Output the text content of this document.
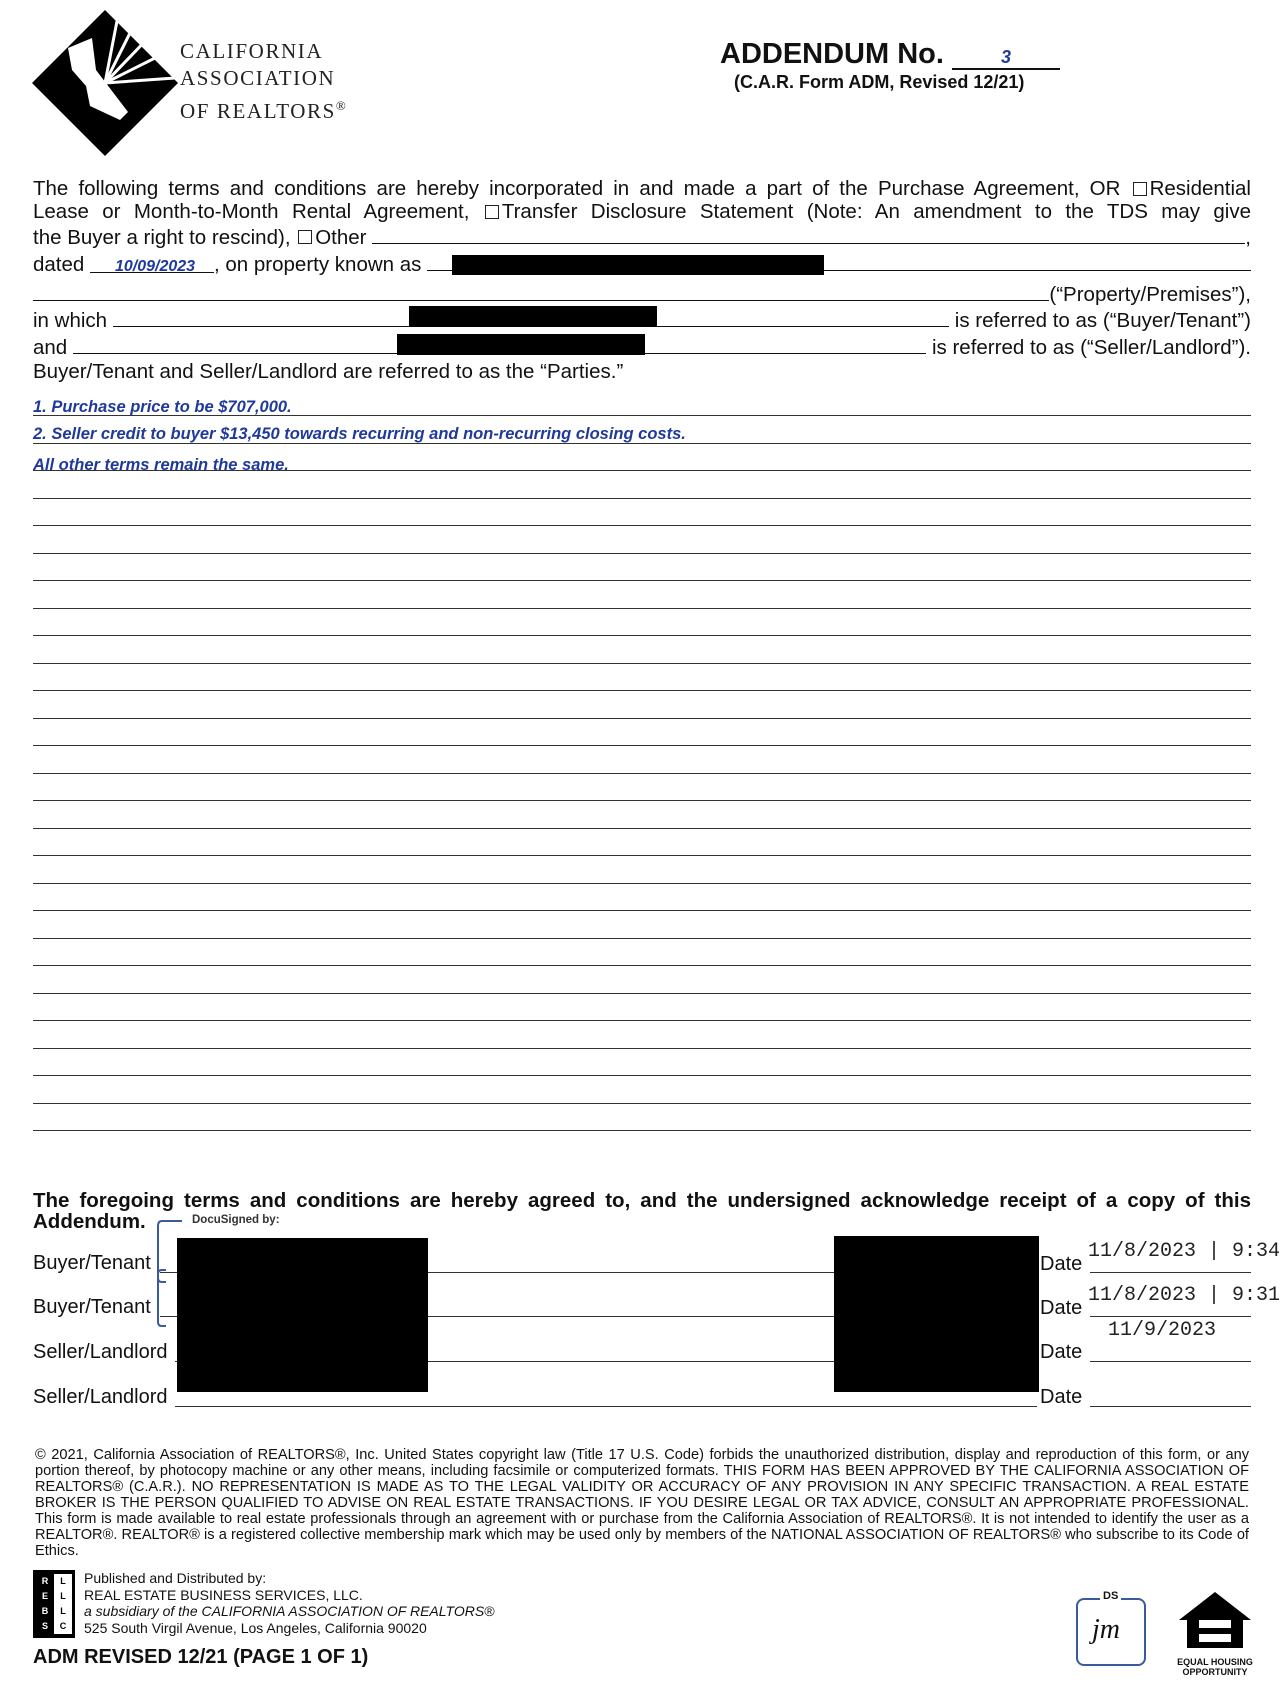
CALIFORNIA
ASSOCIATION
OF REALTORS®
ADDENDUM No.	3
(C.A.R. Form ADM, Revised 12/21)
The following terms and conditions are hereby incorporated in and made a part of the Purchase Agreement, OR Residential
Lease or Month-to-Month Rental Agreement, Transfer Disclosure Statement (Note: An amendment to the TDS may give
the Buyer a right to rescind),
Other
	,
dated
	10/09/2023 , on property known as

(“Property/Premises”),
in which

	is referred to as (“Buyer/Tenant”)
and

	is referred to as (“Seller/Landlord”).
Buyer/Tenant and Seller/Landlord are referred to as the “Parties.”
1. Purchase price to be $707,000.
2. Seller credit to buyer $13,450 towards recurring and non-recurring closing costs.
All other terms remain the same.
The foregoing terms and conditions are hereby agreed to, and the undersigned acknowledge receipt of a copy of this Addendum.	DocuSigned by:
Buyer/Tenant	Date
11/8/2023 | 9:34
Buyer/Tenant	Date
11/8/2023 | 9:31
Seller/Landlord	Date
11/9/2023
Seller/Landlord	Date
© 2021, California Association of REALTORS®, Inc. United States copyright law (Title 17 U.S. Code) forbids the unauthorized distribution, display and reproduction of this form, or any portion thereof, by photocopy machine or any other means, including facsimile or computerized formats. THIS FORM HAS BEEN APPROVED BY THE CALIFORNIA ASSOCIATION OF REALTORS® (C.A.R.). NO REPRESENTATION IS MADE AS TO THE LEGAL VALIDITY OR ACCURACY OF ANY PROVISION IN ANY SPECIFIC TRANSACTION. A REAL ESTATE BROKER IS THE PERSON QUALIFIED TO ADVISE ON REAL ESTATE TRANSACTIONS. IF YOU DESIRE LEGAL OR TAX ADVICE, CONSULT AN APPROPRIATE PROFESSIONAL. This form is made available to real estate professionals through an agreement with or purchase from the California Association of REALTORS®. It is not intended to identify the user as a REALTOR®. REALTOR® is a registered collective membership mark which may be used only by members of the NATIONAL ASSOCIATION OF REALTORS® who subscribe to its Code of Ethics.
R	L
E	L
B	L
S	C
Published and Distributed by:
REAL ESTATE BUSINESS SERVICES, LLC.
a subsidiary of the CALIFORNIA ASSOCIATION OF REALTORS®
525 South Virgil Avenue, Los Angeles, California 90020
ADM REVISED 12/21 (PAGE 1 OF 1)
DS
jm
EQUAL HOUSING
OPPORTUNITY
